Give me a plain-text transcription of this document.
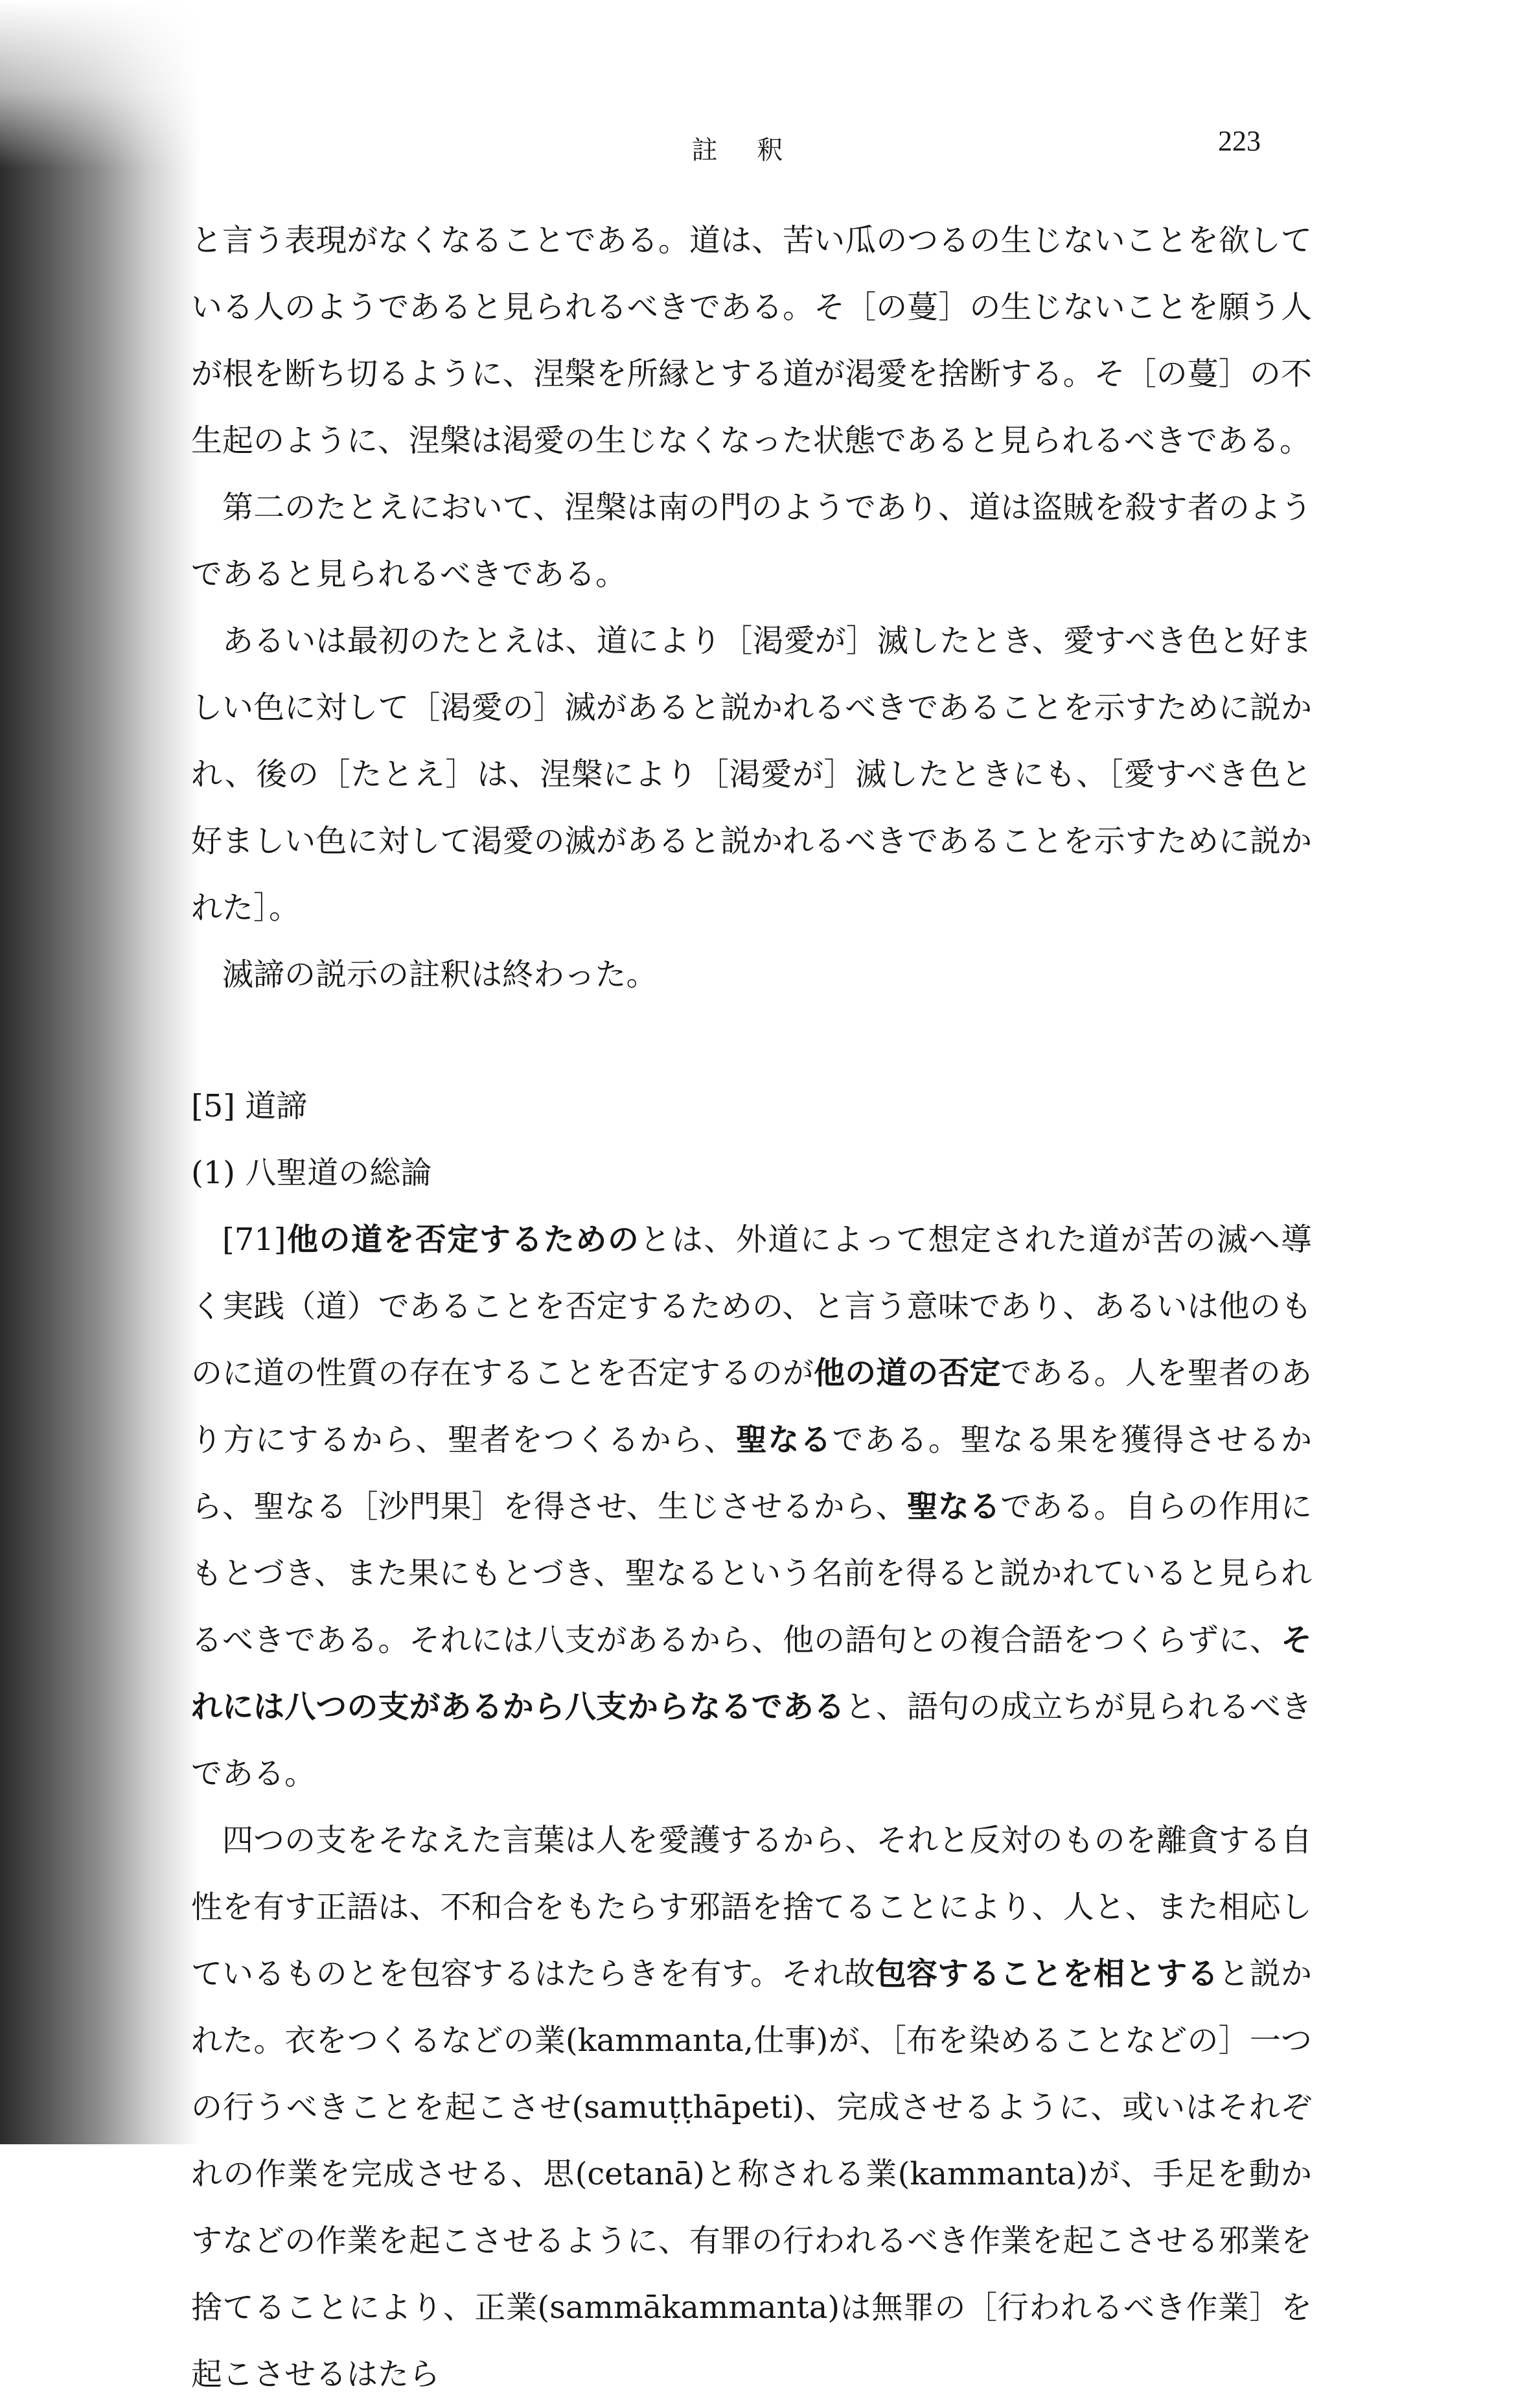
註 釈	223

と言う表現がなくなることである。道は、苦い瓜のつるの生じないことを欲している人のようであると見られるべきである。そ［の蔓］の生じないことを願う人が根を断ち切るように、涅槃を所縁とする道が渇愛を捨断する。そ［の蔓］の不生起のように、涅槃は渇愛の生じなくなった状態であると見られるべきである。

第二のたとえにおいて、涅槃は南の門のようであり、道は盗賊を殺す者のようであると見られるべきである。

あるいは最初のたとえは、道により［渇愛が］滅したとき、愛すべき色と好ましい色に対して［渇愛の］滅があると説かれるべきであることを示すために説かれ、後の［たとえ］は、涅槃により［渇愛が］滅したときにも、［愛すべき色と好ましい色に対して渇愛の滅があると説かれるべきであることを示すために説かれた］。

滅諦の説示の註釈は終わった。

[5] 道諦

(1) 八聖道の総論

[71]他の道を否定するためのとは、外道によって想定された道が苦の滅へ導く実践（道）であることを否定するための、と言う意味であり、あるいは他のものに道の性質の存在することを否定するのが他の道の否定である。人を聖者のあり方にするから、聖者をつくるから、聖なるである。聖なる果を獲得させるから、聖なる［沙門果］を得させ、生じさせるから、聖なるである。自らの作用にもとづき、また果にもとづき、聖なるという名前を得ると説かれていると見られるべきである。それには八支があるから、他の語句との複合語をつくらずに、それには八つの支があるから八支からなるであると、語句の成立ちが見られるべきである。

四つの支をそなえた言葉は人を愛護するから、それと反対のものを離貪する自性を有す正語は、不和合をもたらす邪語を捨てることにより、人と、また相応しているものとを包容するはたらきを有す。それ故包容することを相とすると説かれた。衣をつくるなどの業(kammanta,仕事)が、［布を染めることなどの］一つの行うべきことを起こさせ(samuṭṭhāpeti)、完成させるように、或いはそれぞれの作業を完成させる、思(cetanā)と称される業(kammanta)が、手足を動かすなどの作業を起こさせるように、有罪の行われるべき作業を起こさせる邪業を捨てることにより、正業(sammākammanta)は無罪の［行われるべき作業］を起こさせるはたら
